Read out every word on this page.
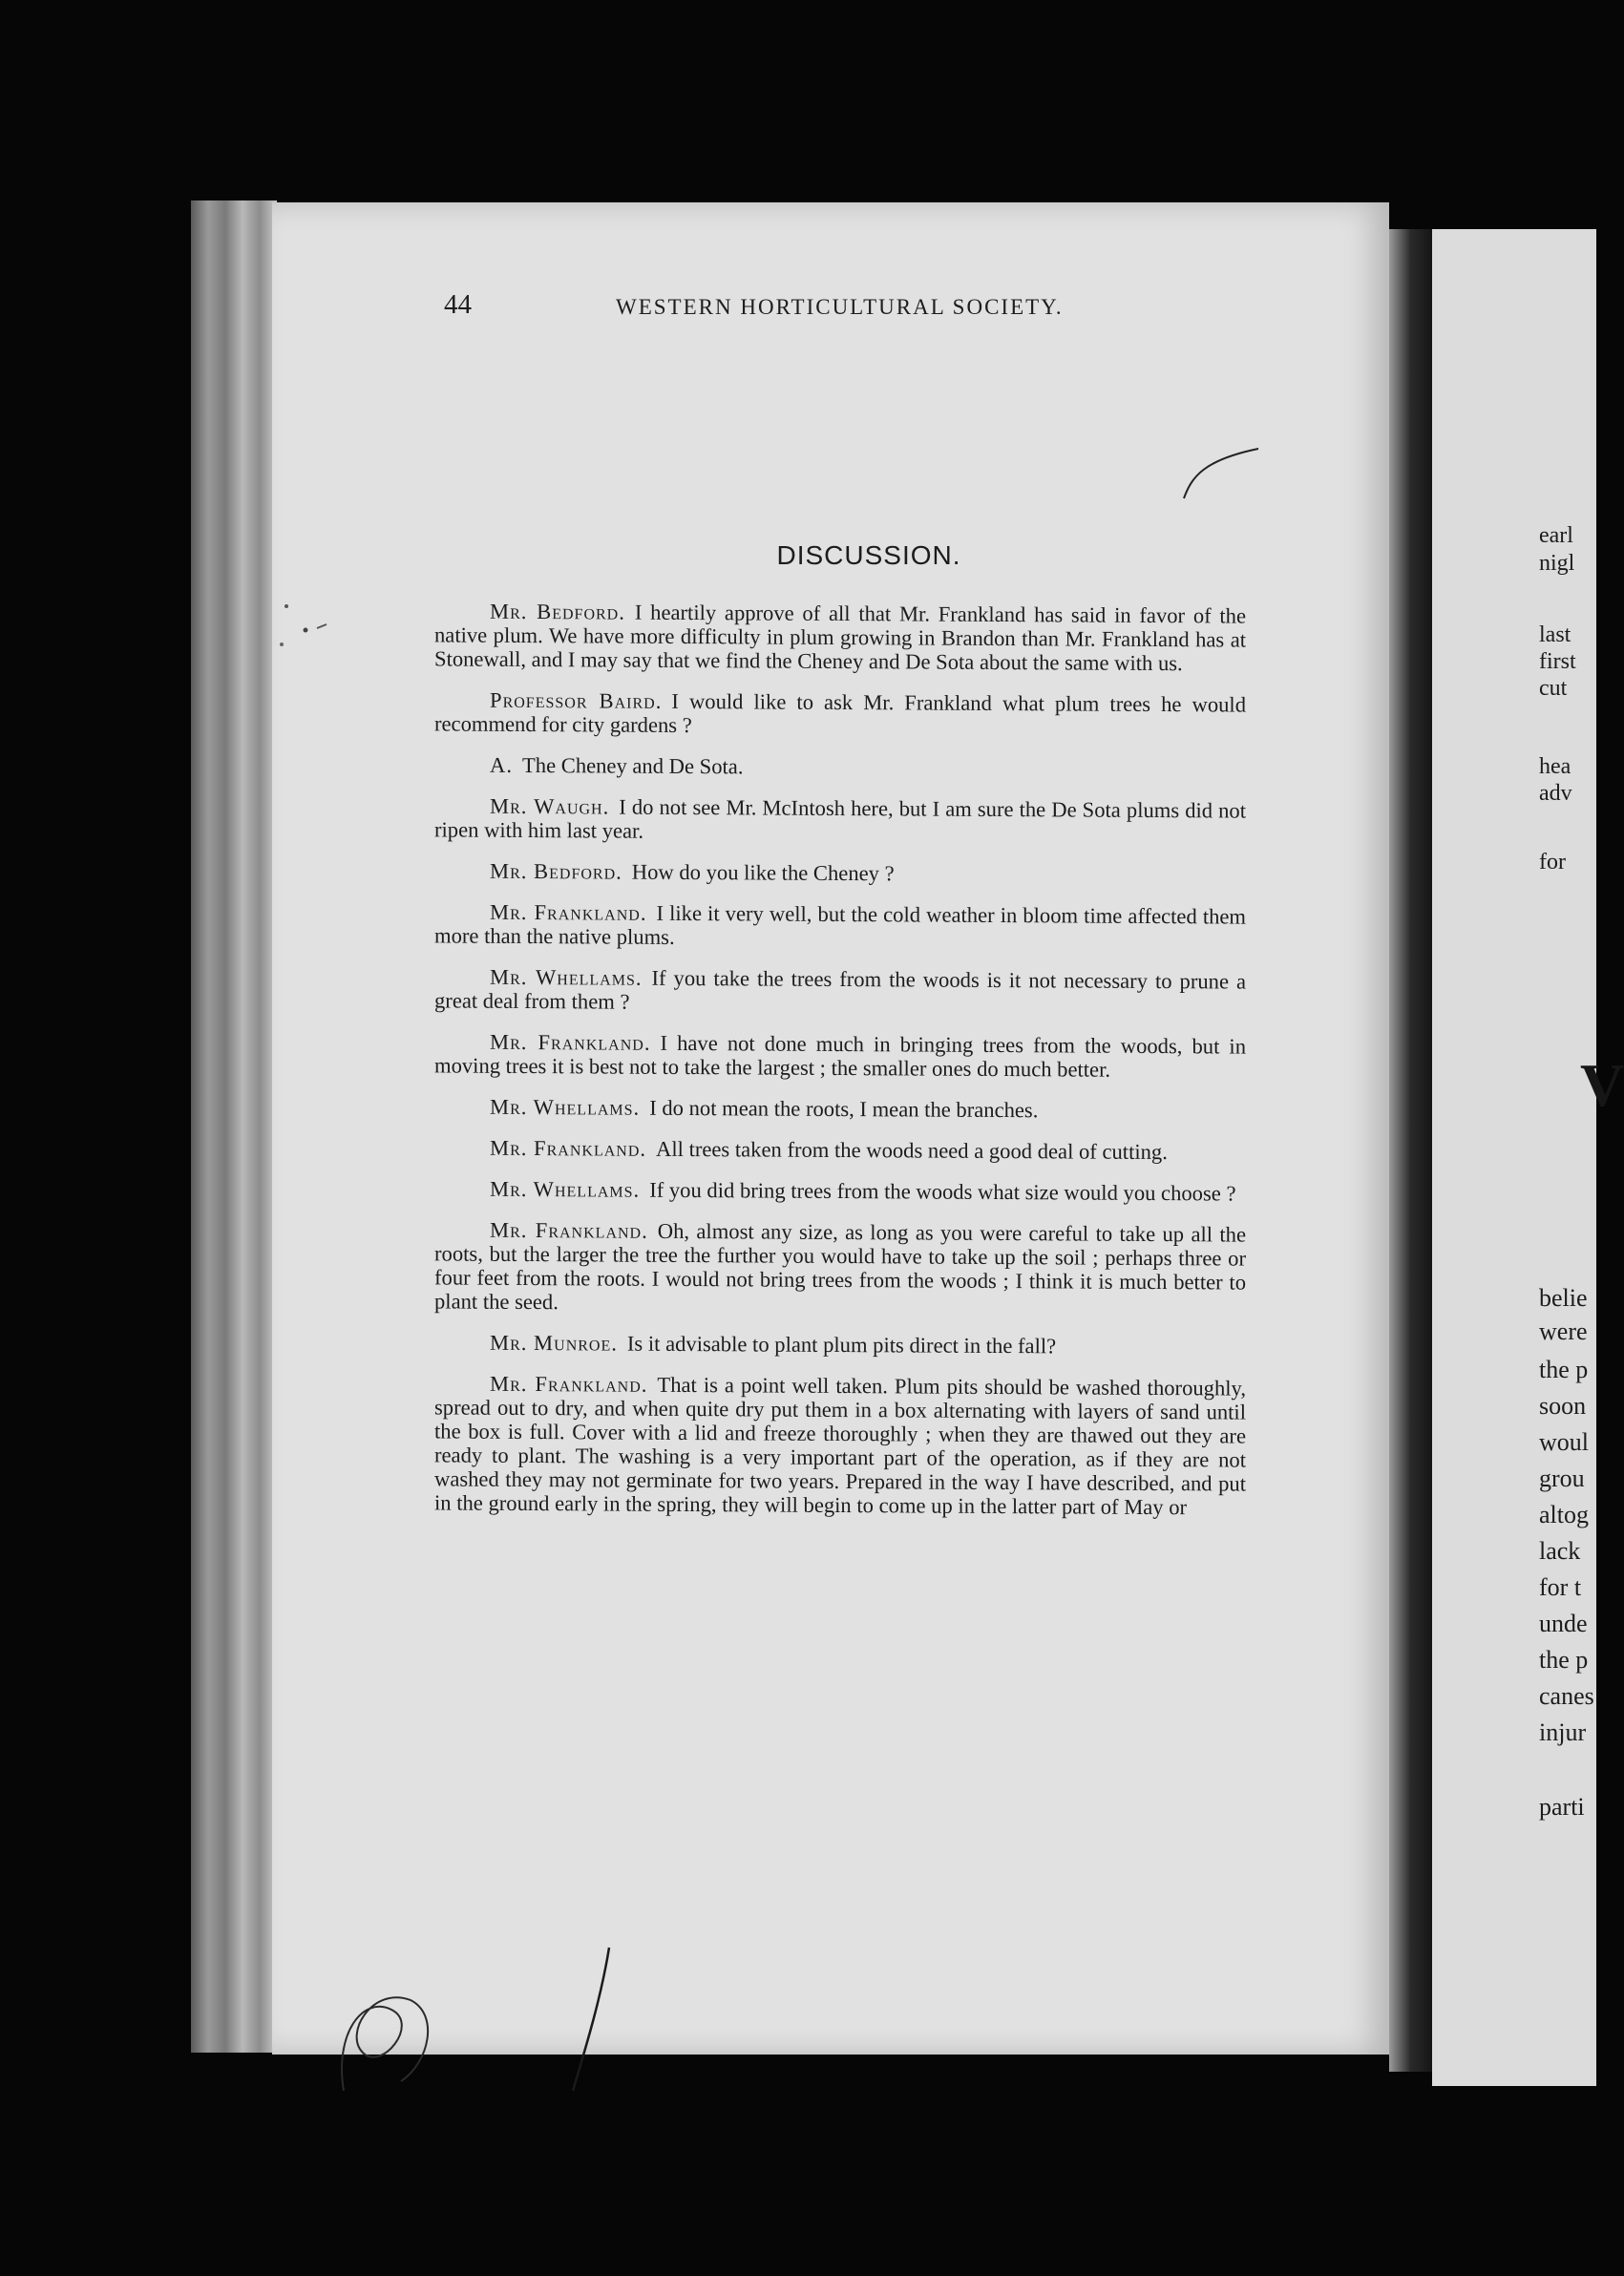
44	WESTERN HORTICULTURAL SOCIETY.
DISCUSSION.

Mr. Bedford. I heartily approve of all that Mr. Frankland has said in favor of the native plum. We have more difficulty in plum growing in Brandon than Mr. Frankland has at Stonewall, and I may say that we find the Cheney and De Sota about the same with us.

Professor Baird. I would like to ask Mr. Frankland what plum trees he would recommend for city gardens ?

A. The Cheney and De Sota.

Mr. Waugh. I do not see Mr. McIntosh here, but I am sure the De Sota plums did not ripen with him last year.

Mr. Bedford. How do you like the Cheney ?

Mr. Frankland. I like it very well, but the cold weather in bloom time affected them more than the native plums.

Mr. Whellams. If you take the trees from the woods is it not necessary to prune a great deal from them ?

Mr. Frankland. I have not done much in bringing trees from the woods, but in moving trees it is best not to take the largest ; the smaller ones do much better.

Mr. Whellams. I do not mean the roots, I mean the branches.

Mr. Frankland. All trees taken from the woods need a good deal of cutting.

Mr. Whellams. If you did bring trees from the woods what size would you choose ?

Mr. Frankland. Oh, almost any size, as long as you were careful to take up all the roots, but the larger the tree the further you would have to take up the soil ; perhaps three or four feet from the roots. I would not bring trees from the woods ; I think it is much better to plant the seed.

Mr. Munroe. Is it advisable to plant plum pits direct in the fall?

Mr. Frankland. That is a point well taken. Plum pits should be washed thoroughly, spread out to dry, and when quite dry put them in a box alternating with layers of sand until the box is full. Cover with a lid and freeze thoroughly ; when they are thawed out they are ready to plant. The washing is a very important part of the operation, as if they are not washed they may not germinate for two years. Prepared in the way I have described, and put in the ground early in the spring, they will begin to come up in the latter part of May or

earl
nigl
last
first
cut
hea
adv
for
V
belie
were
the p
soon
woul
grou
altog
lack
for t
unde
the p
canes
injur
parti
